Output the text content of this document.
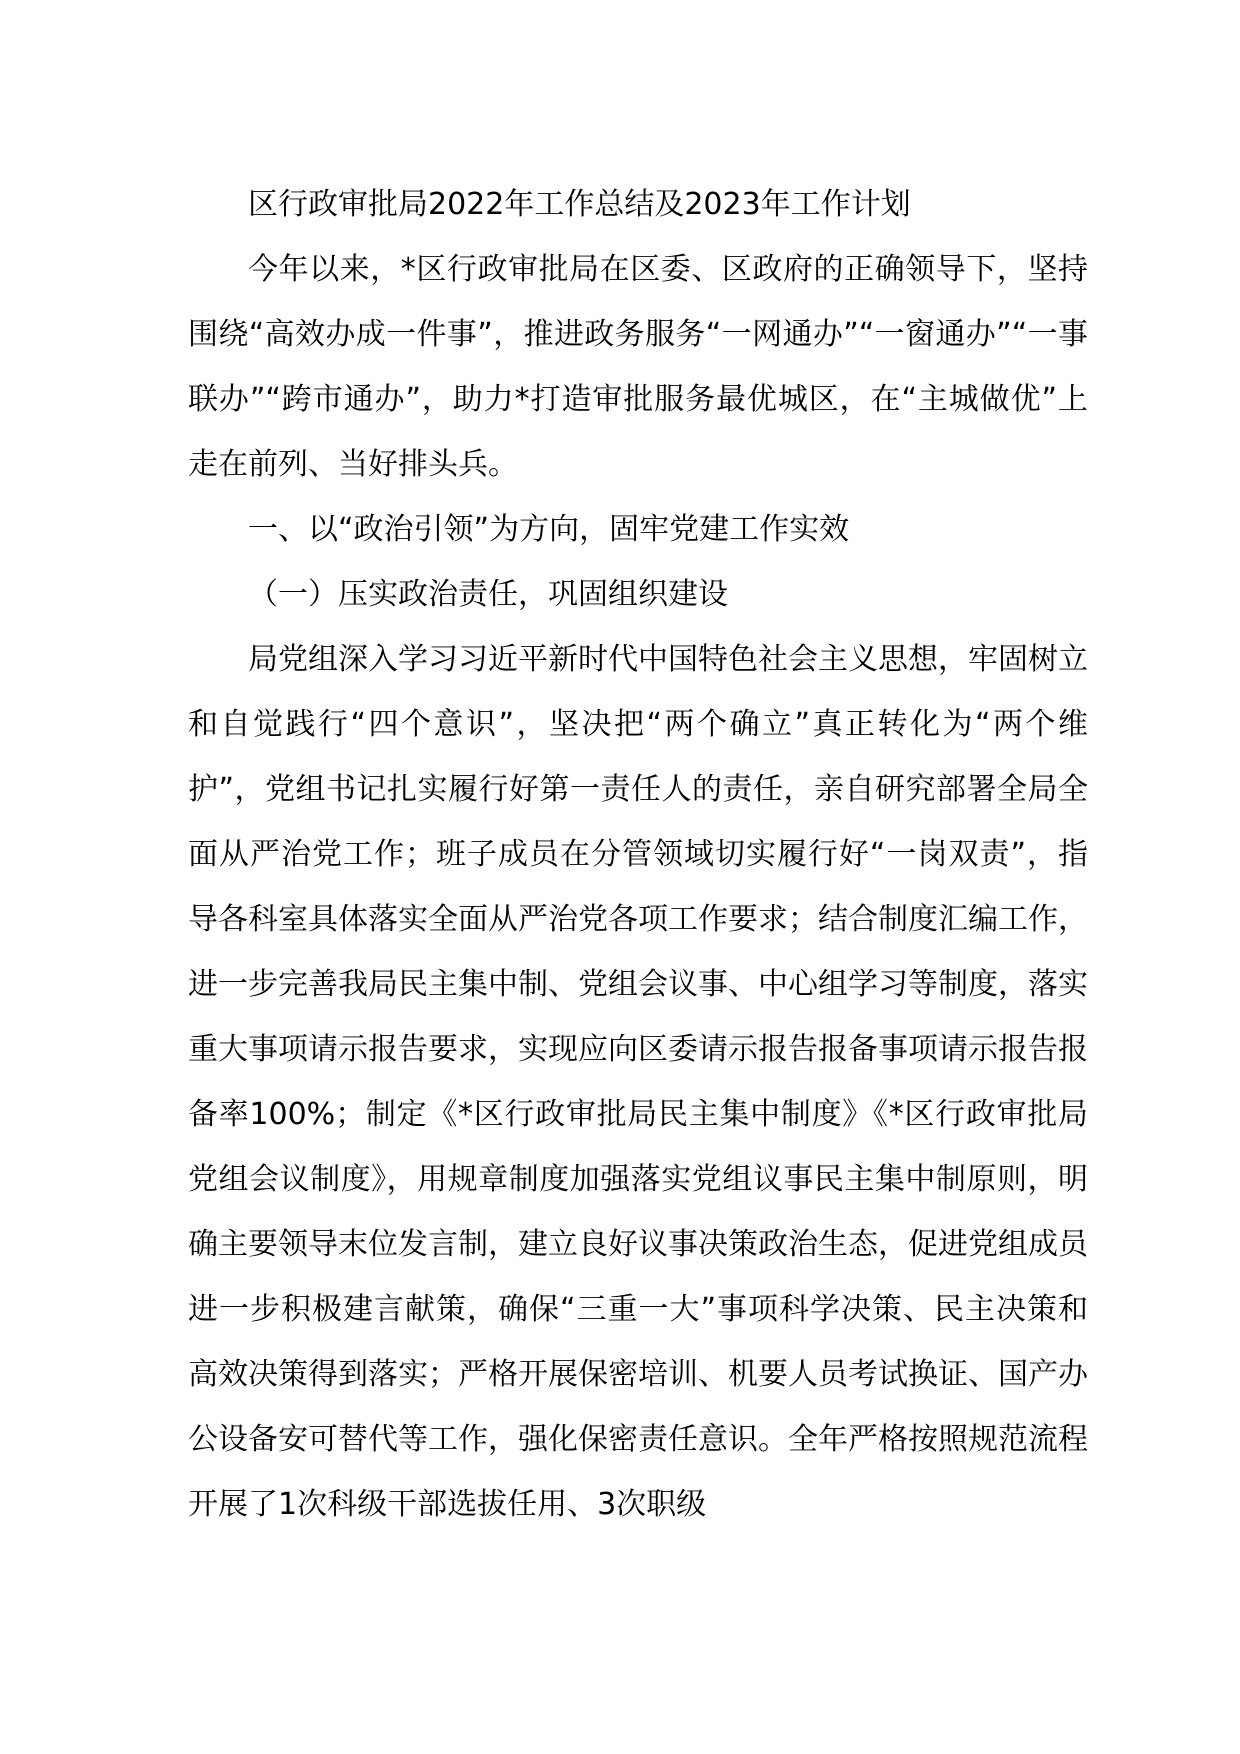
区行政审批局2022年工作总结及2023年工作计划

今年以来，*区行政审批局在区委、区政府的正确领导下，坚持围绕“高效办成一件事”，推进政务服务“一网通办”“一窗通办”“一事联办”“跨市通办”，助力*打造审批服务最优城区，在“主城做优”上走在前列、当好排头兵。

一、以“政治引领”为方向，固牢党建工作实效

（一）压实政治责任，巩固组织建设

局党组深入学习习近平新时代中国特色社会主义思想，牢固树立和自觉践行“四个意识”，坚决把“两个确立”真正转化为“两个维护”，党组书记扎实履行好第一责任人的责任，亲自研究部署全局全面从严治党工作；班子成员在分管领域切实履行好“一岗双责”，指导各科室具体落实全面从严治党各项工作要求；结合制度汇编工作，进一步完善我局民主集中制、党组会议事、中心组学习等制度，落实重大事项请示报告要求，实现应向区委请示报告报备事项请示报告报备率100%；制定《*区行政审批局民主集中制度》《*区行政审批局党组会议制度》，用规章制度加强落实党组议事民主集中制原则，明确主要领导末位发言制，建立良好议事决策政治生态，促进党组成员进一步积极建言献策，确保“三重一大”事项科学决策、民主决策和高效决策得到落实；严格开展保密培训、机要人员考试换证、国产办公设备安可替代等工作，强化保密责任意识。全年严格按照规范流程开展了1次科级干部选拔任用、3次职级
